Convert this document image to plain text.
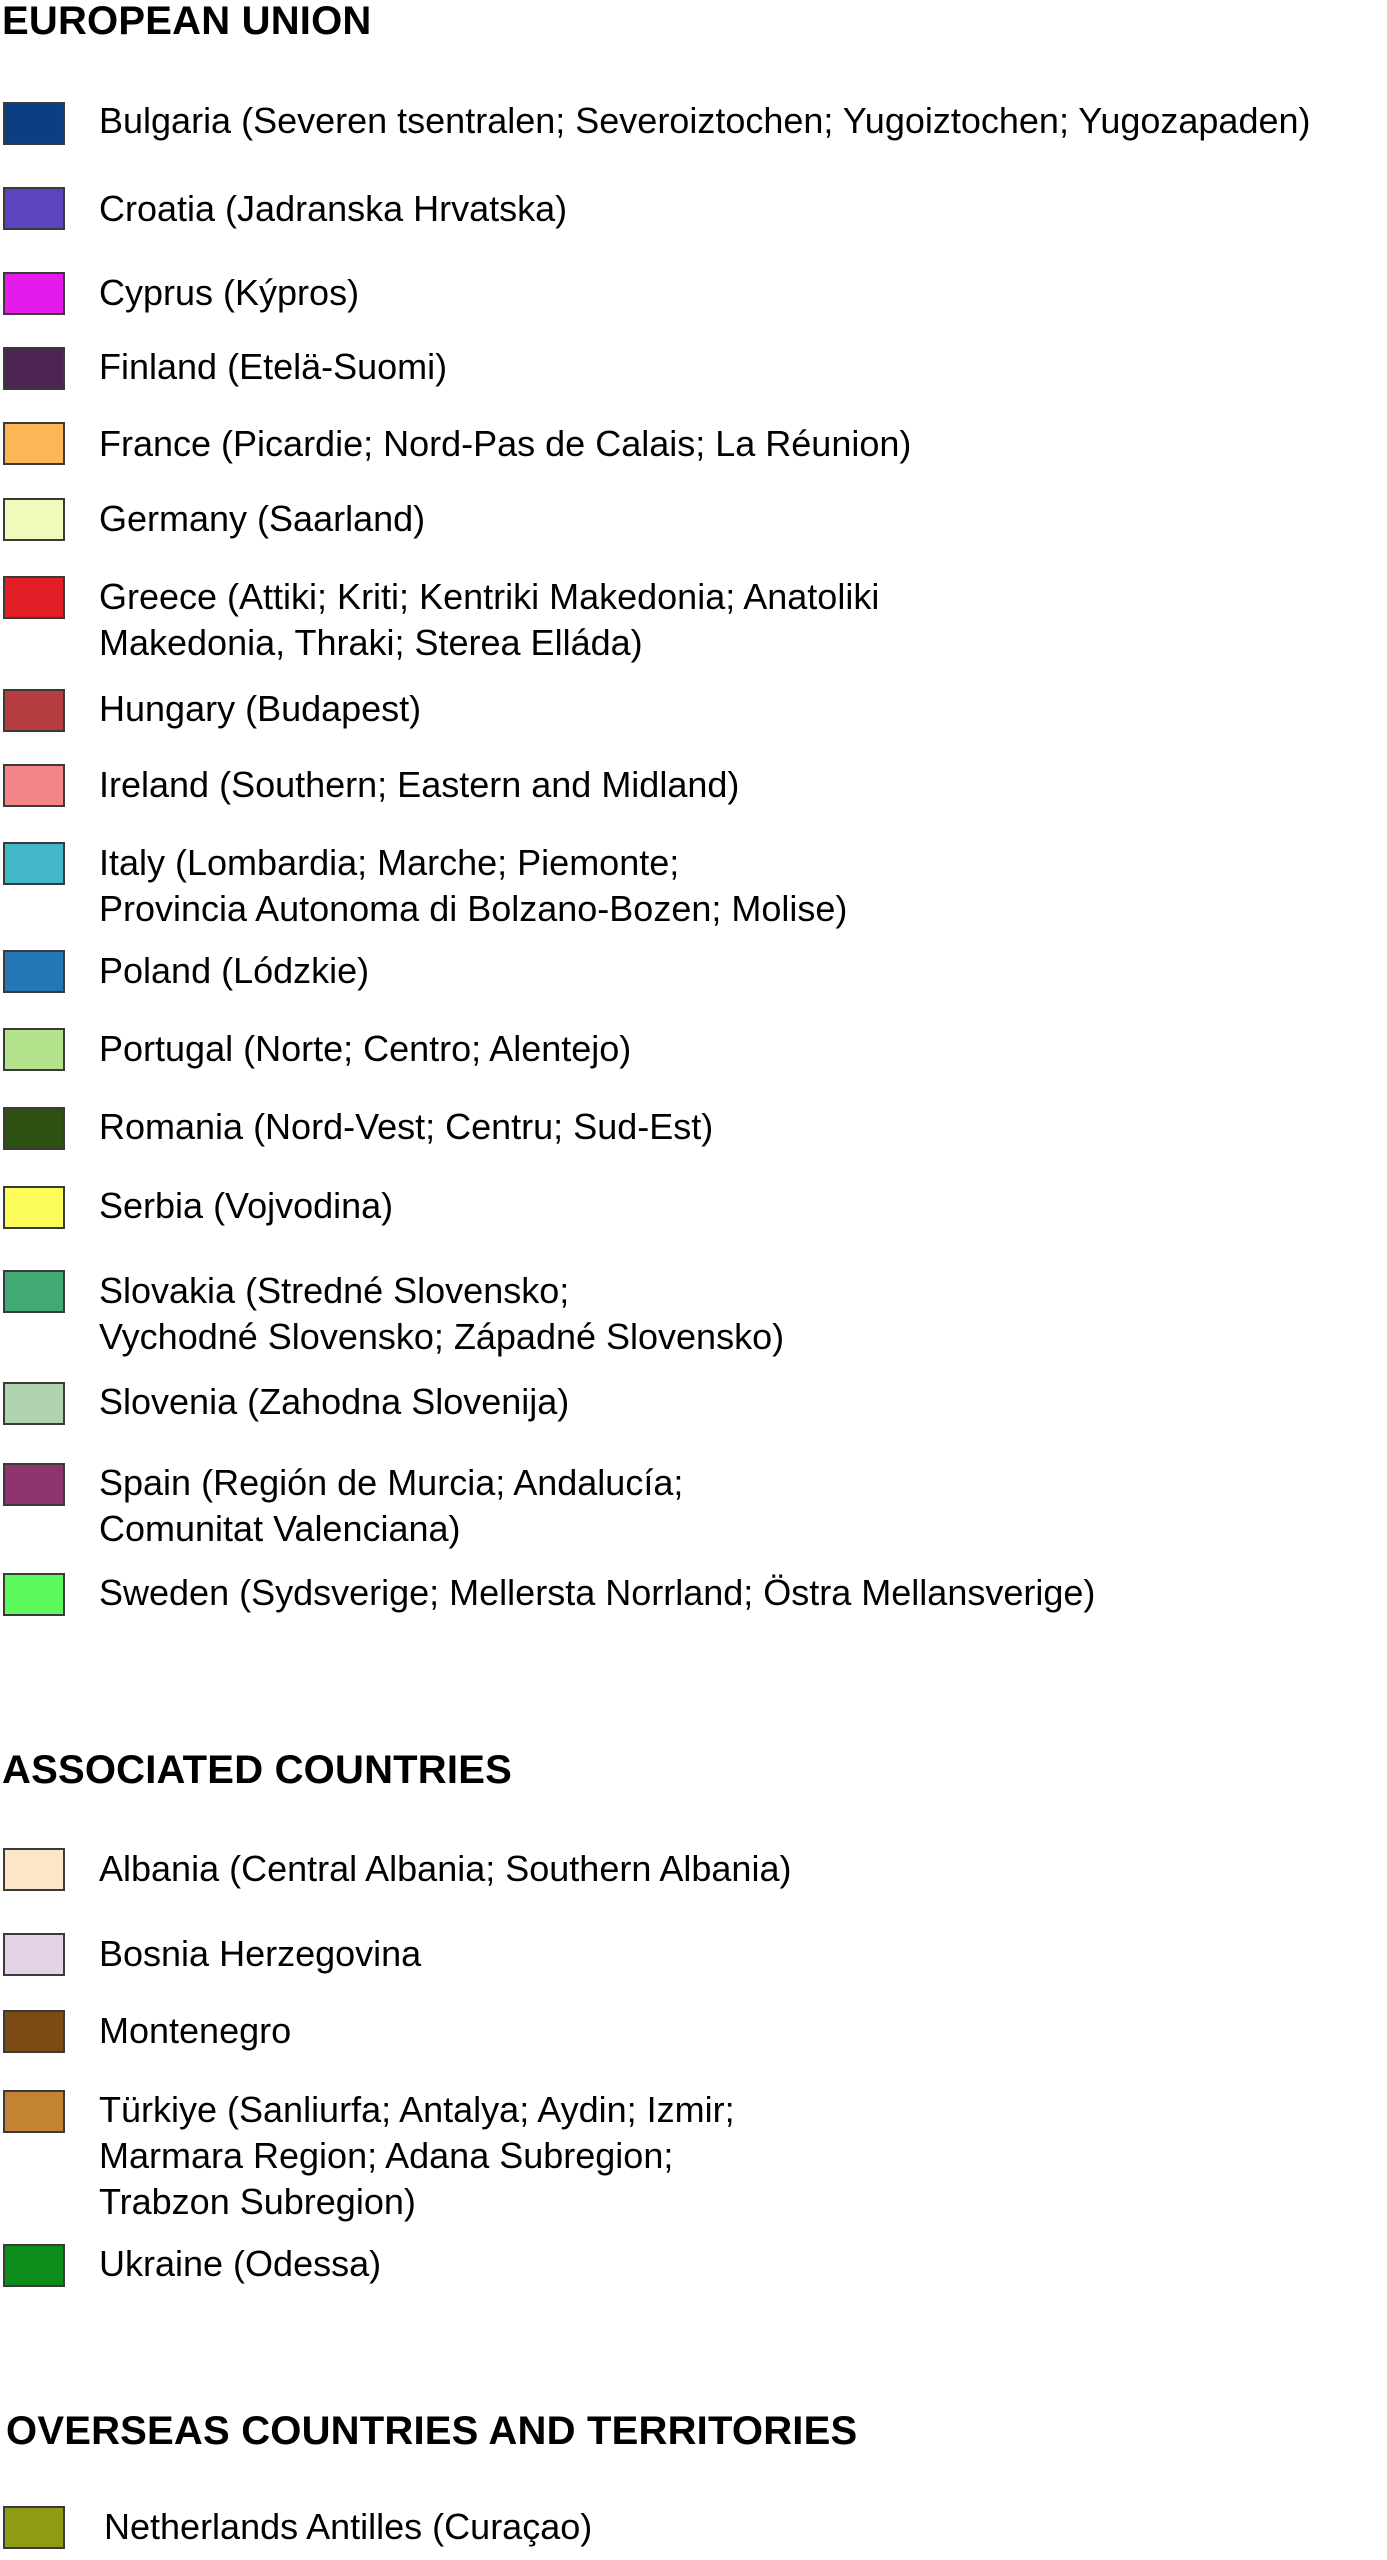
EUROPEAN UNION
Bulgaria (Severen tsentralen; Severoiztochen; Yugoiztochen; Yugozapaden)
Croatia (Jadranska Hrvatska)
Cyprus (Kýpros)
Finland (Etelä-Suomi)
France (Picardie; Nord-Pas de Calais; La Réunion)
Germany (Saarland)
Greece (Attiki; Kriti; Kentriki Makedonia; Anatoliki
Makedonia, Thraki; Sterea Elláda)
Hungary (Budapest)
Ireland (Southern; Eastern and Midland)
Italy (Lombardia; Marche; Piemonte;
Provincia Autonoma di Bolzano-Bozen; Molise)
Poland (Lódzkie)
Portugal (Norte; Centro; Alentejo)
Romania (Nord-Vest; Centru; Sud-Est)
Serbia (Vojvodina)
Slovakia (Stredné Slovensko;
Vychodné Slovensko; Západné Slovensko)
Slovenia (Zahodna Slovenija)
Spain (Región de Murcia; Andalucía;
Comunitat Valenciana)
Sweden (Sydsverige; Mellersta Norrland; Östra Mellansverige)
ASSOCIATED COUNTRIES
Albania (Central Albania; Southern Albania)
Bosnia Herzegovina
Montenegro
Türkiye (Sanliurfa; Antalya; Aydin; Izmir;
Marmara Region; Adana Subregion;
Trabzon Subregion)
Ukraine (Odessa)
OVERSEAS COUNTRIES AND TERRITORIES
Netherlands Antilles (Curaçao)
